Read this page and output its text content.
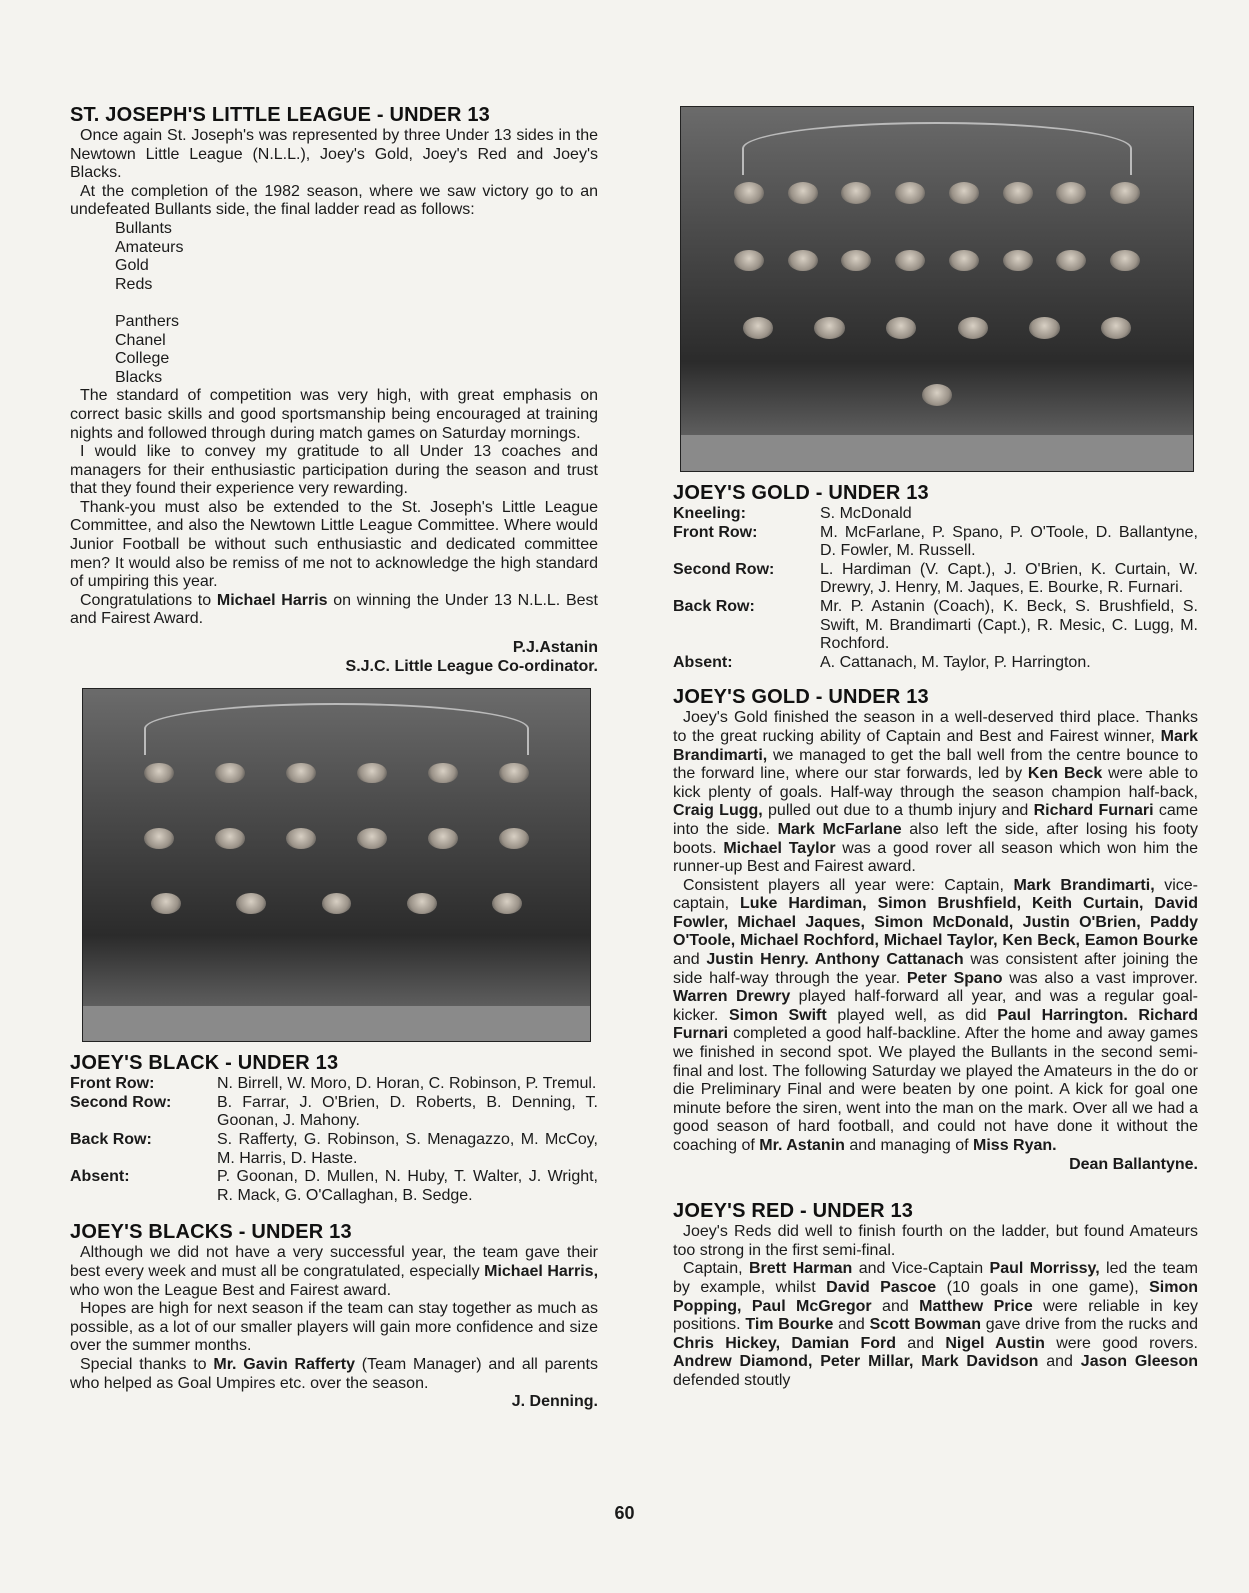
ST. JOSEPH'S LITTLE LEAGUE - UNDER 13

Once again St. Joseph's was represented by three Under 13 sides in the Newtown Little League (N.L.L.), Joey's Gold, Joey's Red and Joey's Blacks.

At the completion of the 1982 season, where we saw victory go to an undefeated Bullants side, the final ladder read as follows:

Bullants
Amateurs
Gold
Reds
Panthers
Chanel
College
Blacks

The standard of competition was very high, with great emphasis on correct basic skills and good sportsmanship being encouraged at training nights and followed through during match games on Saturday mornings.

I would like to convey my gratitude to all Under 13 coaches and managers for their enthusiastic participation during the season and trust that they found their experience very rewarding.

Thank-you must also be extended to the St. Joseph's Little League Committee, and also the Newtown Little League Committee. Where would Junior Football be without such enthusiastic and dedicated committee men? It would also be remiss of me not to acknowledge the high standard of umpiring this year.

Congratulations to Michael Harris on winning the Under 13 N.L.L. Best and Fairest Award.

P.J.Astanin
S.J.C. Little League Co-ordinator.
JOEY'S BLACK - UNDER 13
Front Row:	N. Birrell, W. Moro, D. Horan, C. Robinson, P. Tremul.
Second Row:	B. Farrar, J. O'Brien, D. Roberts, B. Denning, T. Goonan, J. Mahony.
Back Row:	S. Rafferty, G. Robinson, S. Menagazzo, M. McCoy, M. Harris, D. Haste.
Absent:	P. Goonan, D. Mullen, N. Huby, T. Walter, J. Wright, R. Mack, G. O'Callaghan, B. Sedge.
JOEY'S BLACKS - UNDER 13

Although we did not have a very successful year, the team gave their best every week and must all be congratulated, especially Michael Harris, who won the League Best and Fairest award.

Hopes are high for next season if the team can stay together as much as possible, as a lot of our smaller players will gain more confidence and size over the summer months.

Special thanks to Mr. Gavin Rafferty (Team Manager) and all parents who helped as Goal Umpires etc. over the season.

J. Denning.
JOEY'S GOLD - UNDER 13
Kneeling:	S. McDonald
Front Row:	M. McFarlane, P. Spano, P. O'Toole, D. Ballantyne, D. Fowler, M. Russell.
Second Row:	L. Hardiman (V. Capt.), J. O'Brien, K. Curtain, W. Drewry, J. Henry, M. Jaques, E. Bourke, R. Furnari.
Back Row:	Mr. P. Astanin (Coach), K. Beck, S. Brushfield, S. Swift, M. Brandimarti (Capt.), R. Mesic, C. Lugg, M. Rochford.
Absent:	A. Cattanach, M. Taylor, P. Harrington.
JOEY'S GOLD - UNDER 13

Joey's Gold finished the season in a well-deserved third place. Thanks to the great rucking ability of Captain and Best and Fairest winner, Mark Brandimarti, we managed to get the ball well from the centre bounce to the forward line, where our star forwards, led by Ken Beck were able to kick plenty of goals. Half-way through the season champion half-back, Craig Lugg, pulled out due to a thumb injury and Richard Furnari came into the side. Mark McFarlane also left the side, after losing his footy boots. Michael Taylor was a good rover all season which won him the runner-up Best and Fairest award.

Consistent players all year were: Captain, Mark Brandimarti, vice-captain, Luke Hardiman, Simon Brushfield, Keith Curtain, David Fowler, Michael Jaques, Simon McDonald, Justin O'Brien, Paddy O'Toole, Michael Rochford, Michael Taylor, Ken Beck, Eamon Bourke and Justin Henry. Anthony Cattanach was consistent after joining the side half-way through the year. Peter Spano was also a vast improver. Warren Drewry played half-forward all year, and was a regular goal-kicker. Simon Swift played well, as did Paul Harrington. Richard Furnari completed a good half-backline. After the home and away games we finished in second spot. We played the Bullants in the second semi-final and lost. The following Saturday we played the Amateurs in the do or die Preliminary Final and were beaten by one point. A kick for goal one minute before the siren, went into the man on the mark. Over all we had a good season of hard football, and could not have done it without the coaching of Mr. Astanin and managing of Miss Ryan.

Dean Ballantyne.
JOEY'S RED - UNDER 13

Joey's Reds did well to finish fourth on the ladder, but found Amateurs too strong in the first semi-final.

Captain, Brett Harman and Vice-Captain Paul Morrissy, led the team by example, whilst David Pascoe (10 goals in one game), Simon Popping, Paul McGregor and Matthew Price were reliable in key positions. Tim Bourke and Scott Bowman gave drive from the rucks and Chris Hickey, Damian Ford and Nigel Austin were good rovers. Andrew Diamond, Peter Millar, Mark Davidson and Jason Gleeson defended stoutly

60
